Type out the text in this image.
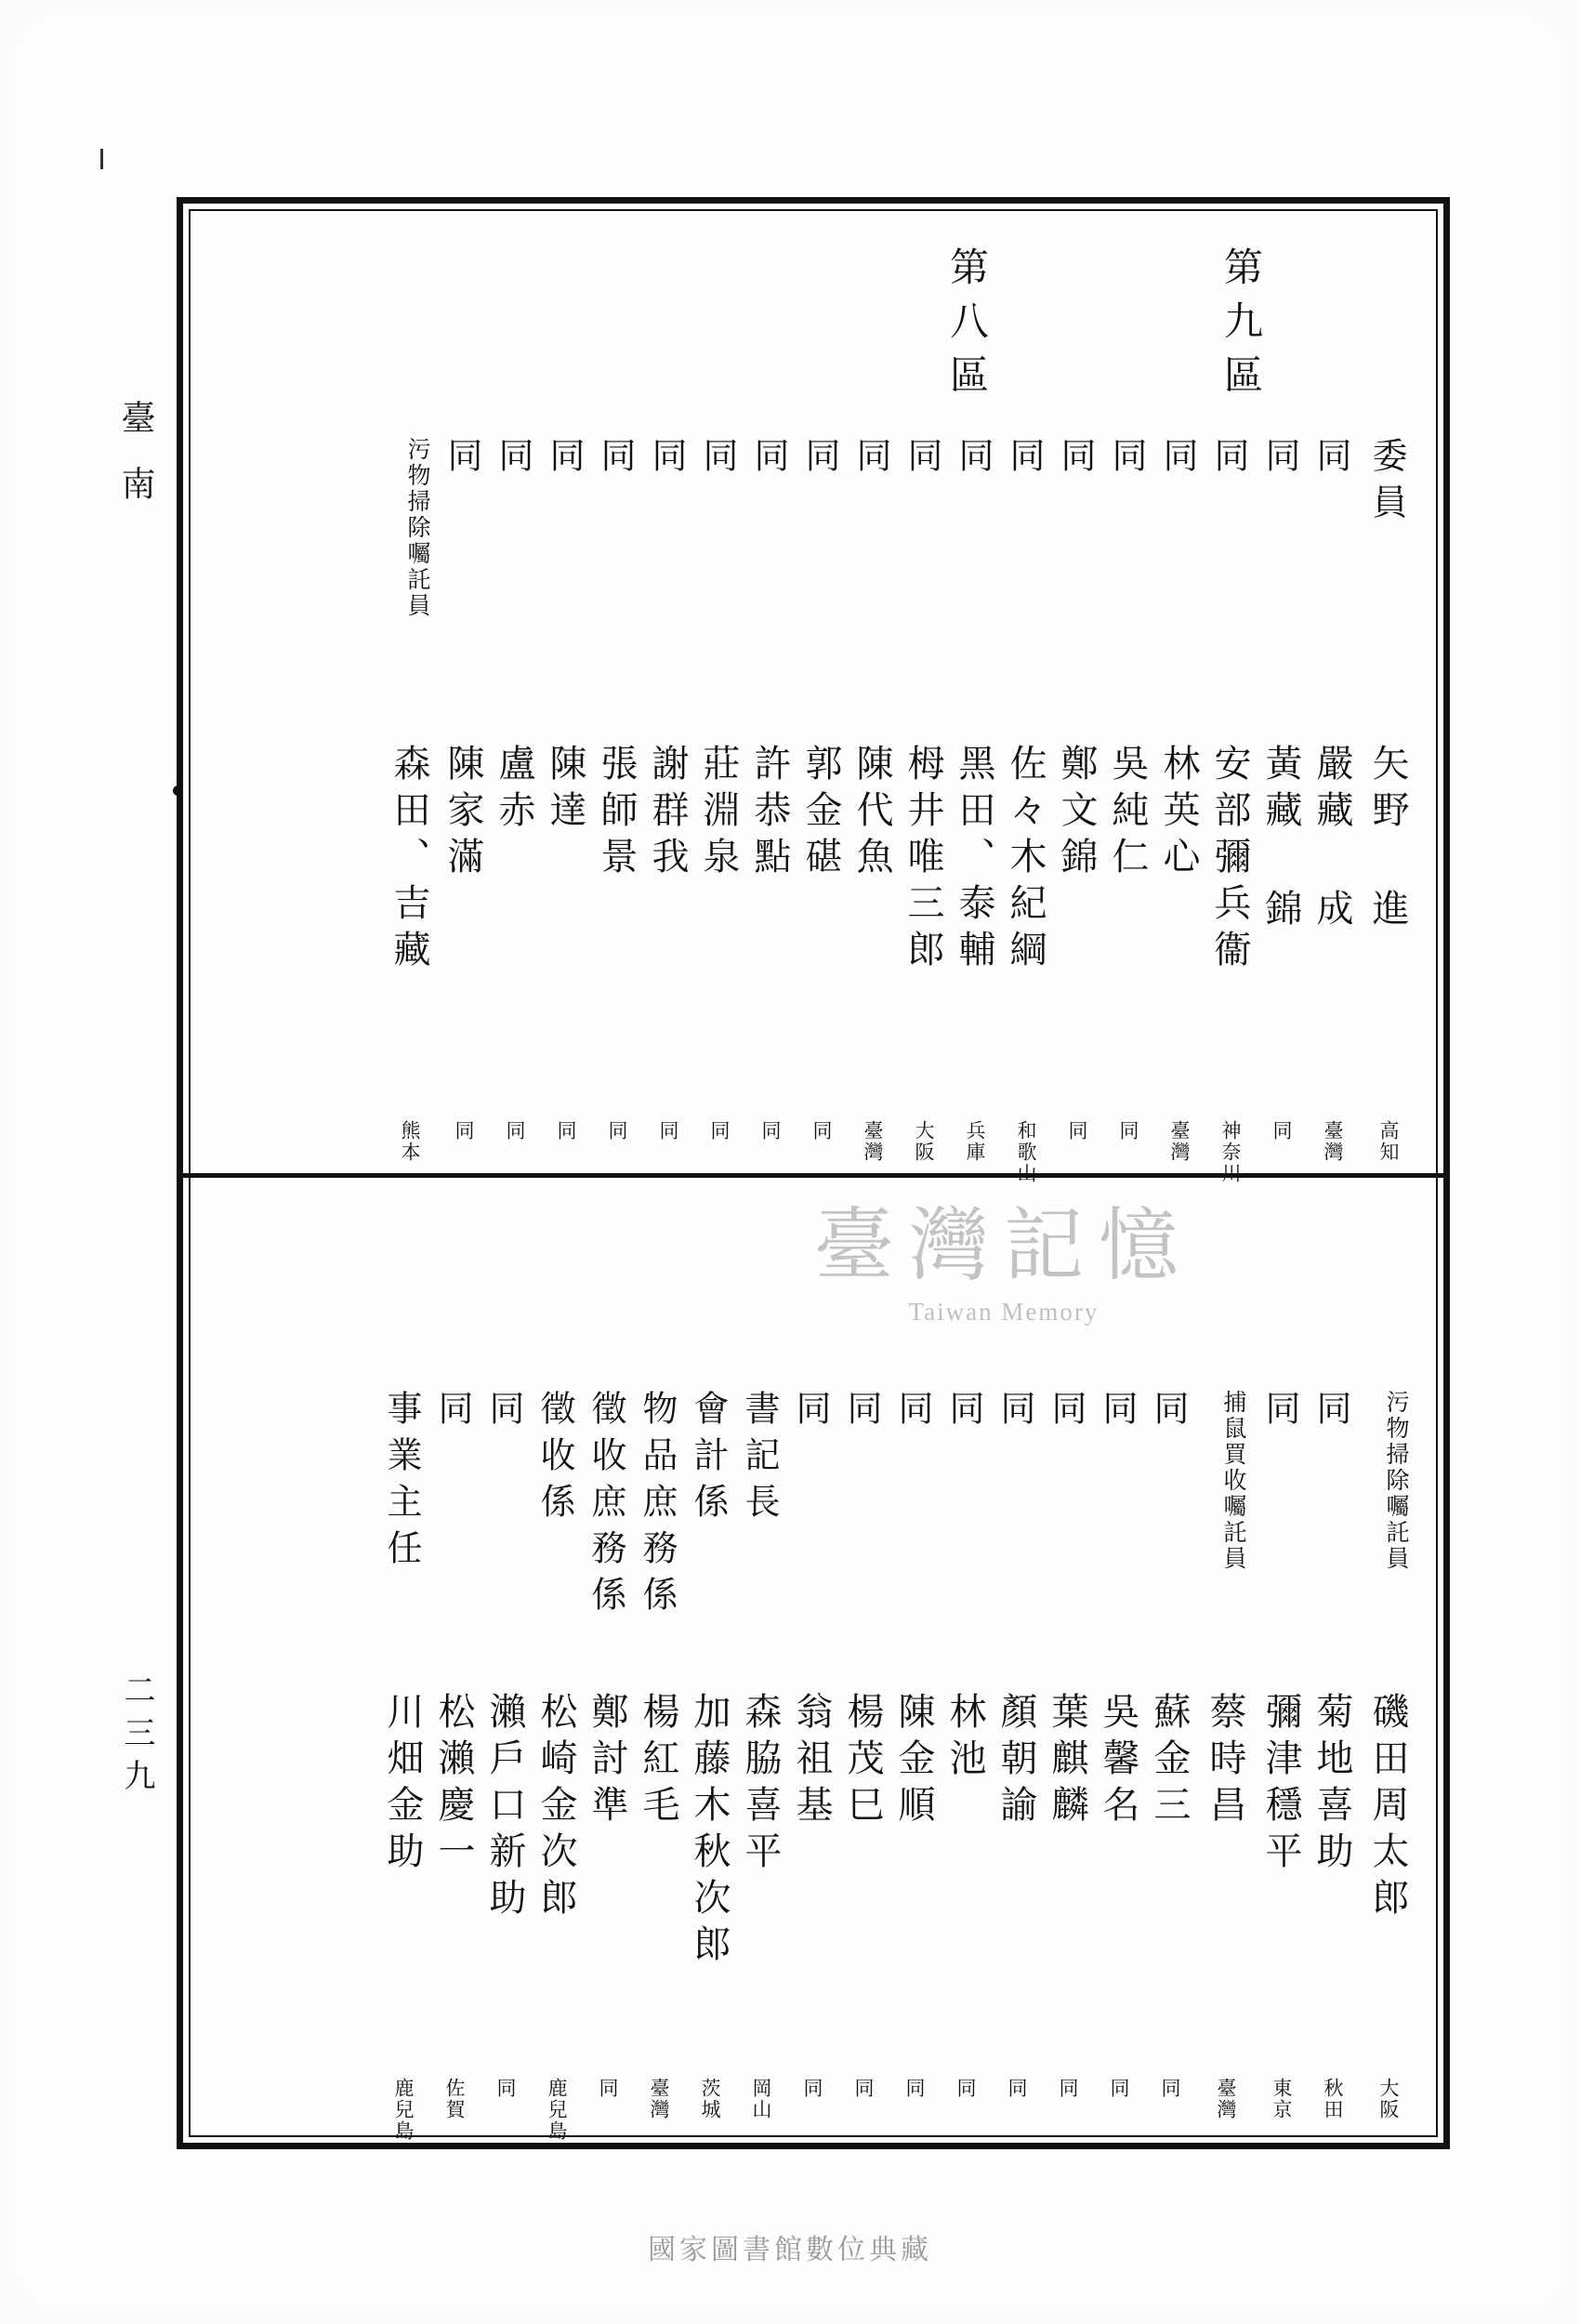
臺南
二三九
委員
矢野 進
高知
同
嚴藏 成
臺灣
同
黃藏 錦
同
同
安部彌兵衞
神奈川
同
林英心
臺灣
同
吳純仁
同
同
鄭文錦
同
同
佐々木紀綱
和歌山
同
黑田、泰輔
兵庫
同
栂井唯三郎
大阪
同
陳代魚
臺灣
同
郭金碪
同
同
許恭點
同
同
莊淵泉
同
同
謝群我
同
同
張師景
同
同
陳達
同
同
盧赤
同
同
陳家滿
同
污物掃除囑託員
森田、吉藏
熊本
污物掃除囑託員
磯田周太郎
大阪
同
菊地喜助
秋田
同
彌津穩平
東京
捕鼠買收囑託員
蔡時昌
臺灣
同
蘇金三
同
同
吳馨名
同
同
葉麒麟
同
同
顏朝諭
同
同
林池
同
同
陳金順
同
同
楊茂巳
同
同
翁祖基
同
書記長
森脇喜平
岡山
會計係
加藤木秋次郎
茨城
物品庶務係
楊紅毛
臺灣
徵收庶務係
鄭討準
同
徵收係
松崎金次郎
鹿兒島
同
瀨戶口新助
同
同
松瀨慶一
佐賀
事業主任
川畑金助
鹿兒島
第八區	第九區
臺灣記憶
Taiwan Memory
國家圖書館數位典藏
